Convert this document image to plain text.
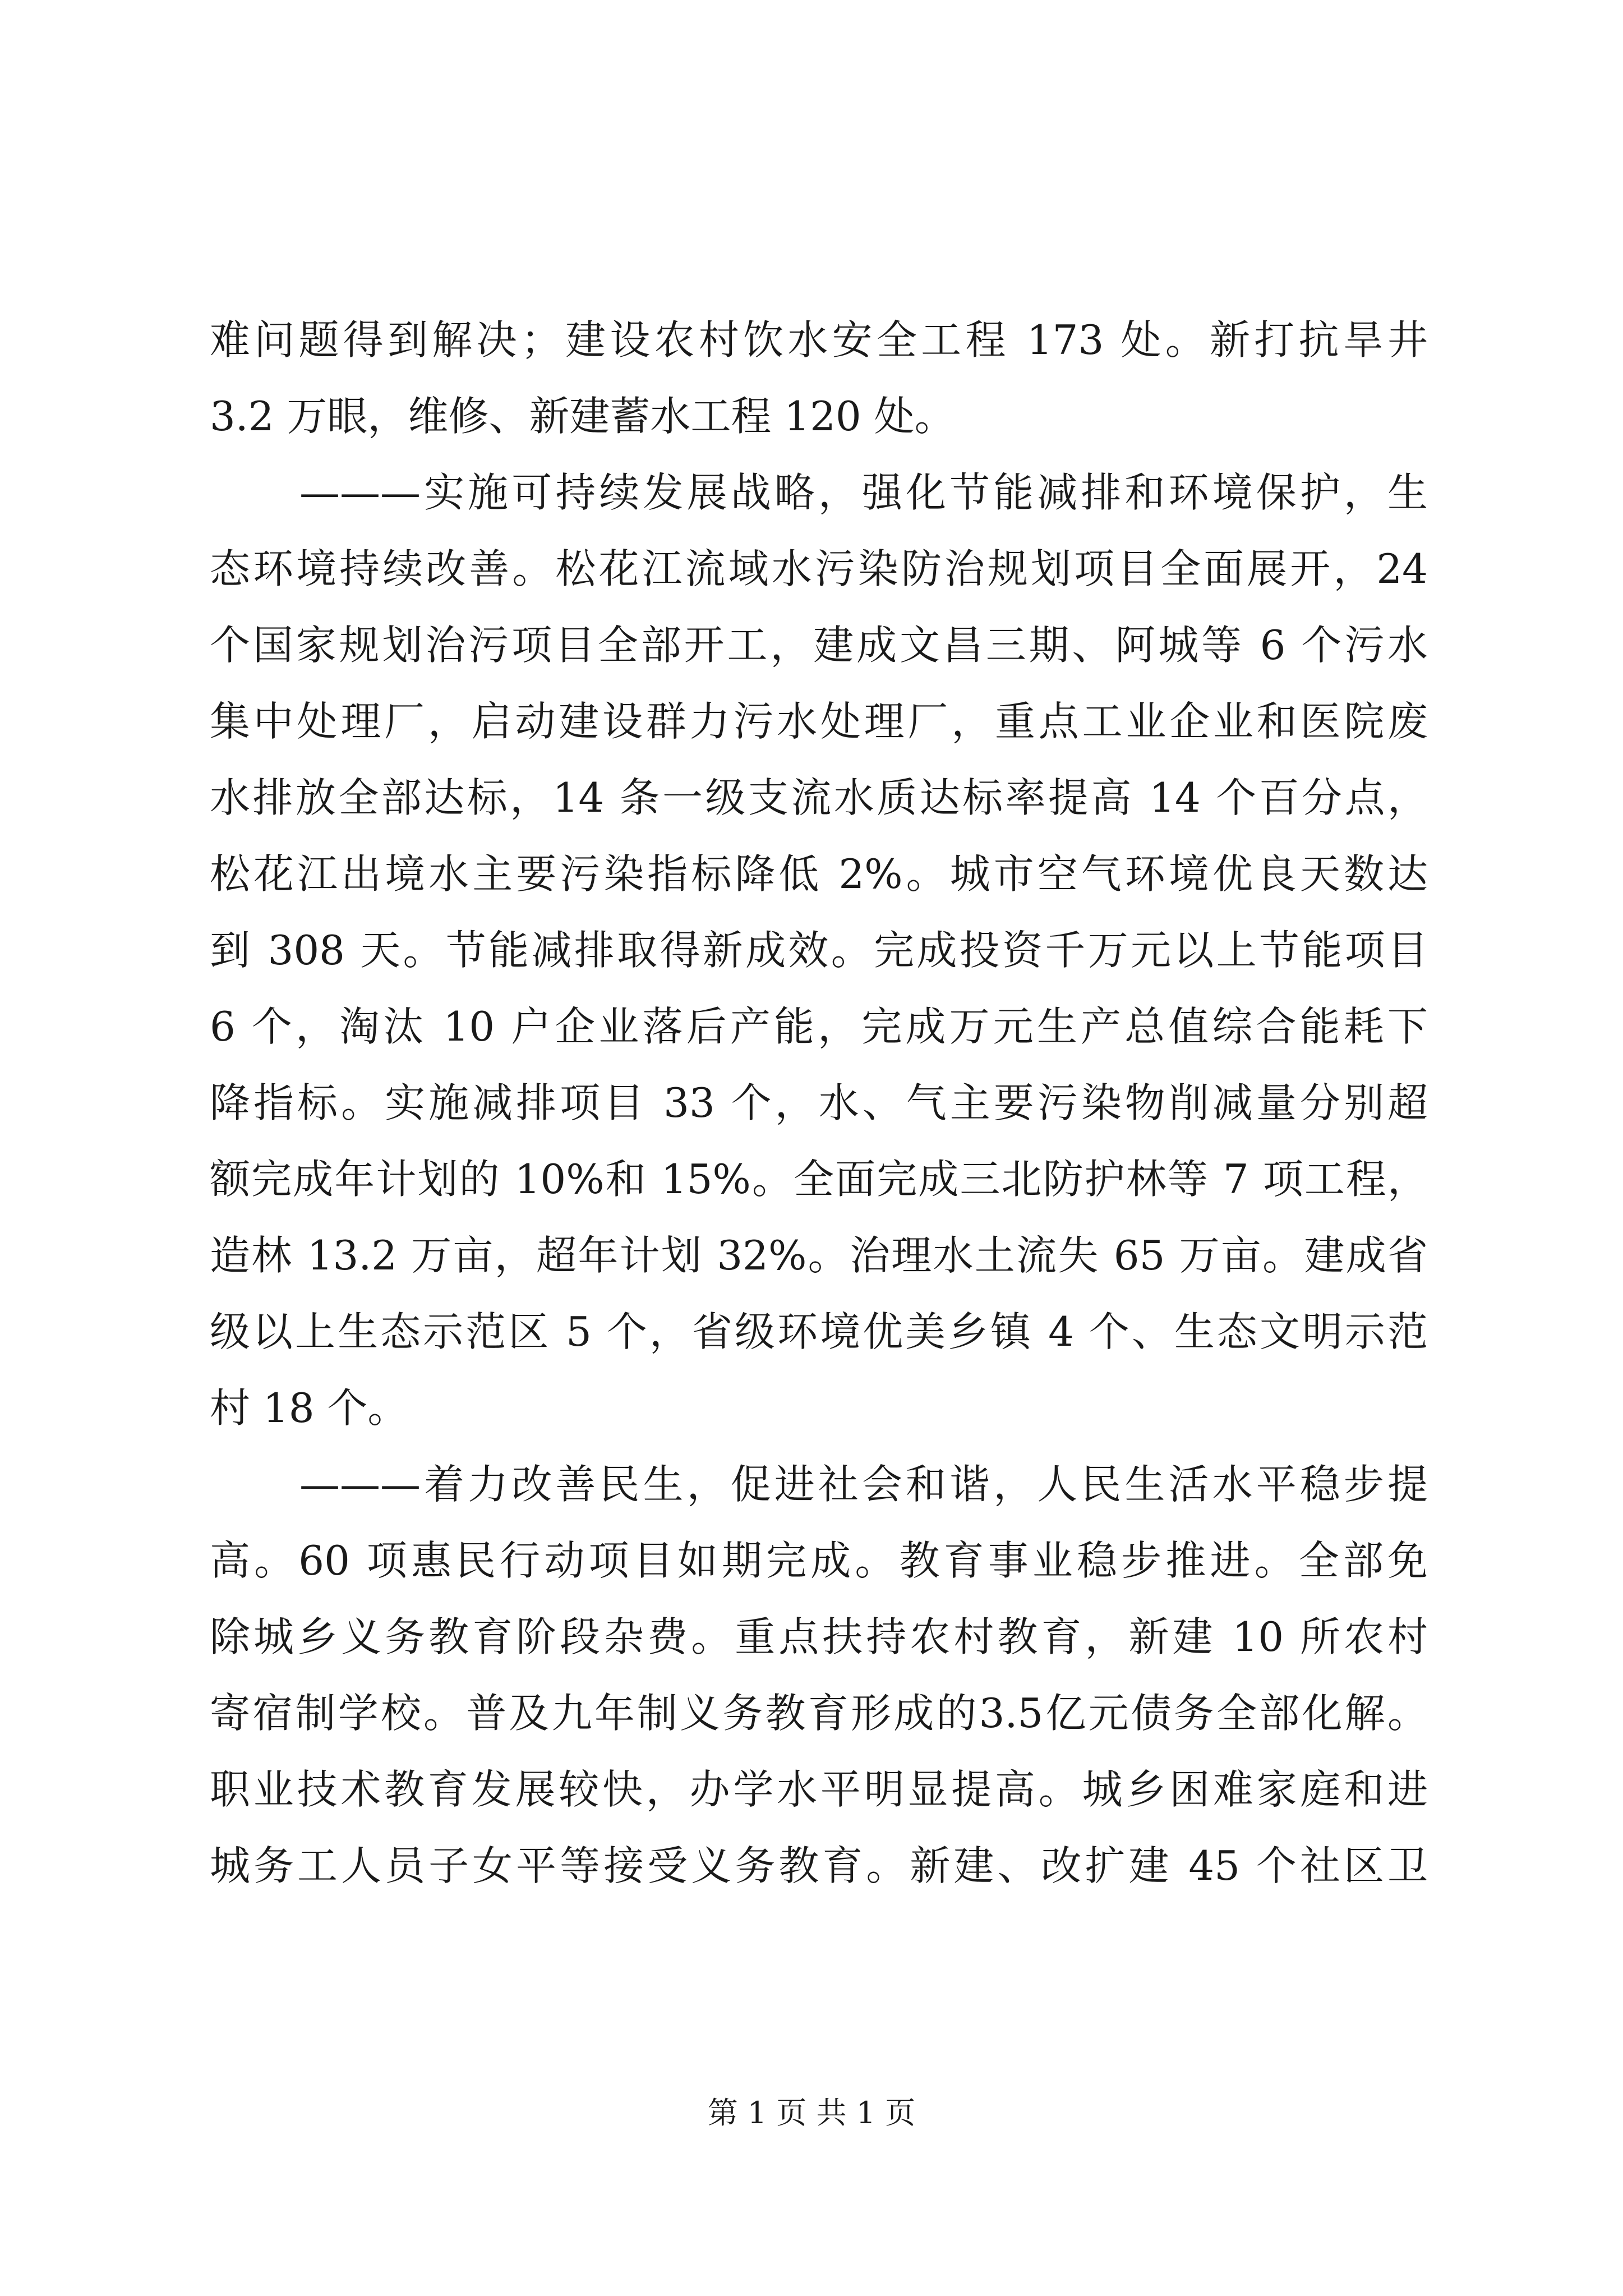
难问题得到解决；建设农村饮水安全工程 173 处。新打抗旱井
3.2 万眼，维修、新建蓄水工程 120 处。
———实施可持续发展战略，强化节能减排和环境保护，生
态环境持续改善。松花江流域水污染防治规划项目全面展开，24
个国家规划治污项目全部开工，建成文昌三期、阿城等 6 个污水
集中处理厂，启动建设群力污水处理厂，重点工业企业和医院废
水排放全部达标，14 条一级支流水质达标率提高 14 个百分点，
松花江出境水主要污染指标降低 2%。城市空气环境优良天数达
到 308 天。节能减排取得新成效。完成投资千万元以上节能项目
6 个，淘汰 10 户企业落后产能，完成万元生产总值综合能耗下
降指标。实施减排项目 33 个，水、气主要污染物削减量分别超
额完成年计划的 10%和 15%。全面完成三北防护林等 7 项工程，
造林 13.2 万亩，超年计划 32%。治理水土流失 65 万亩。建成省
级以上生态示范区 5 个，省级环境优美乡镇 4 个、生态文明示范
村 18 个。
———着力改善民生，促进社会和谐，人民生活水平稳步提
高。60 项惠民行动项目如期完成。教育事业稳步推进。全部免
除城乡义务教育阶段杂费。重点扶持农村教育，新建 10 所农村
寄宿制学校。普及九年制义务教育形成的3.5亿元债务全部化解。
职业技术教育发展较快，办学水平明显提高。城乡困难家庭和进
城务工人员子女平等接受义务教育。新建、改扩建 45 个社区卫
第 1 页 共 1 页
